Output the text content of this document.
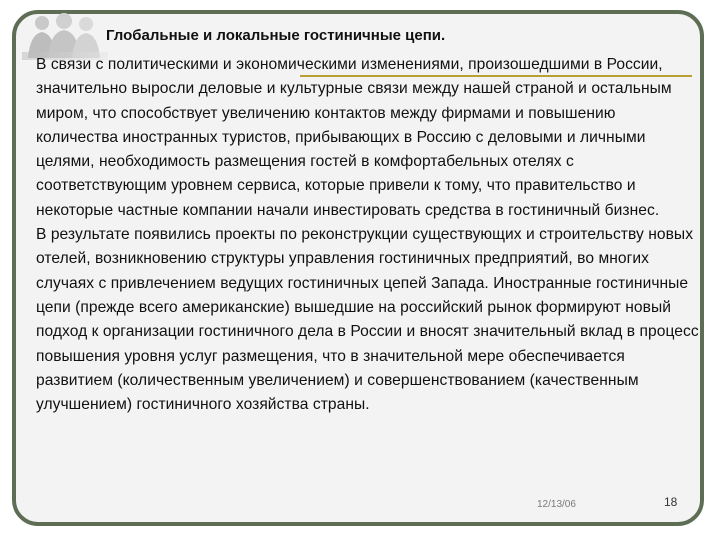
Глобальные и локальные гостиничные цепи.

В связи с политическими и экономическими изменениями, произошедшими в России, значительно выросли деловые и культурные связи между нашей страной и остальным миром, что способствует увеличению контактов между фирмами и повышению количества иностранных туристов, прибывающих в Россию с деловыми и личными целями, необходимость размещения гостей в комфортабельных отелях с соответствующим уровнем сервиса, которые привели к тому, что правительство и некоторые частные компании начали инвестировать средства в гостиничный бизнес.

В результате появились проекты по реконструкции существующих и строительству новых отелей, возникновению структуры управления гостиничных предприятий, во многих случаях с привлечением ведущих гостиничных цепей Запада. Иностранные гостиничные цепи (прежде всего американские) вышедшие на российский рынок формируют новый подход к организации гостиничного дела в России и вносят значительный вклад в процесс повышения уровня услуг размещения, что в значительной мере обеспечивается развитием (количественным увеличением) и совершенствованием (качественным улучшением) гостиничного хозяйства страны.

12/13/06	18
